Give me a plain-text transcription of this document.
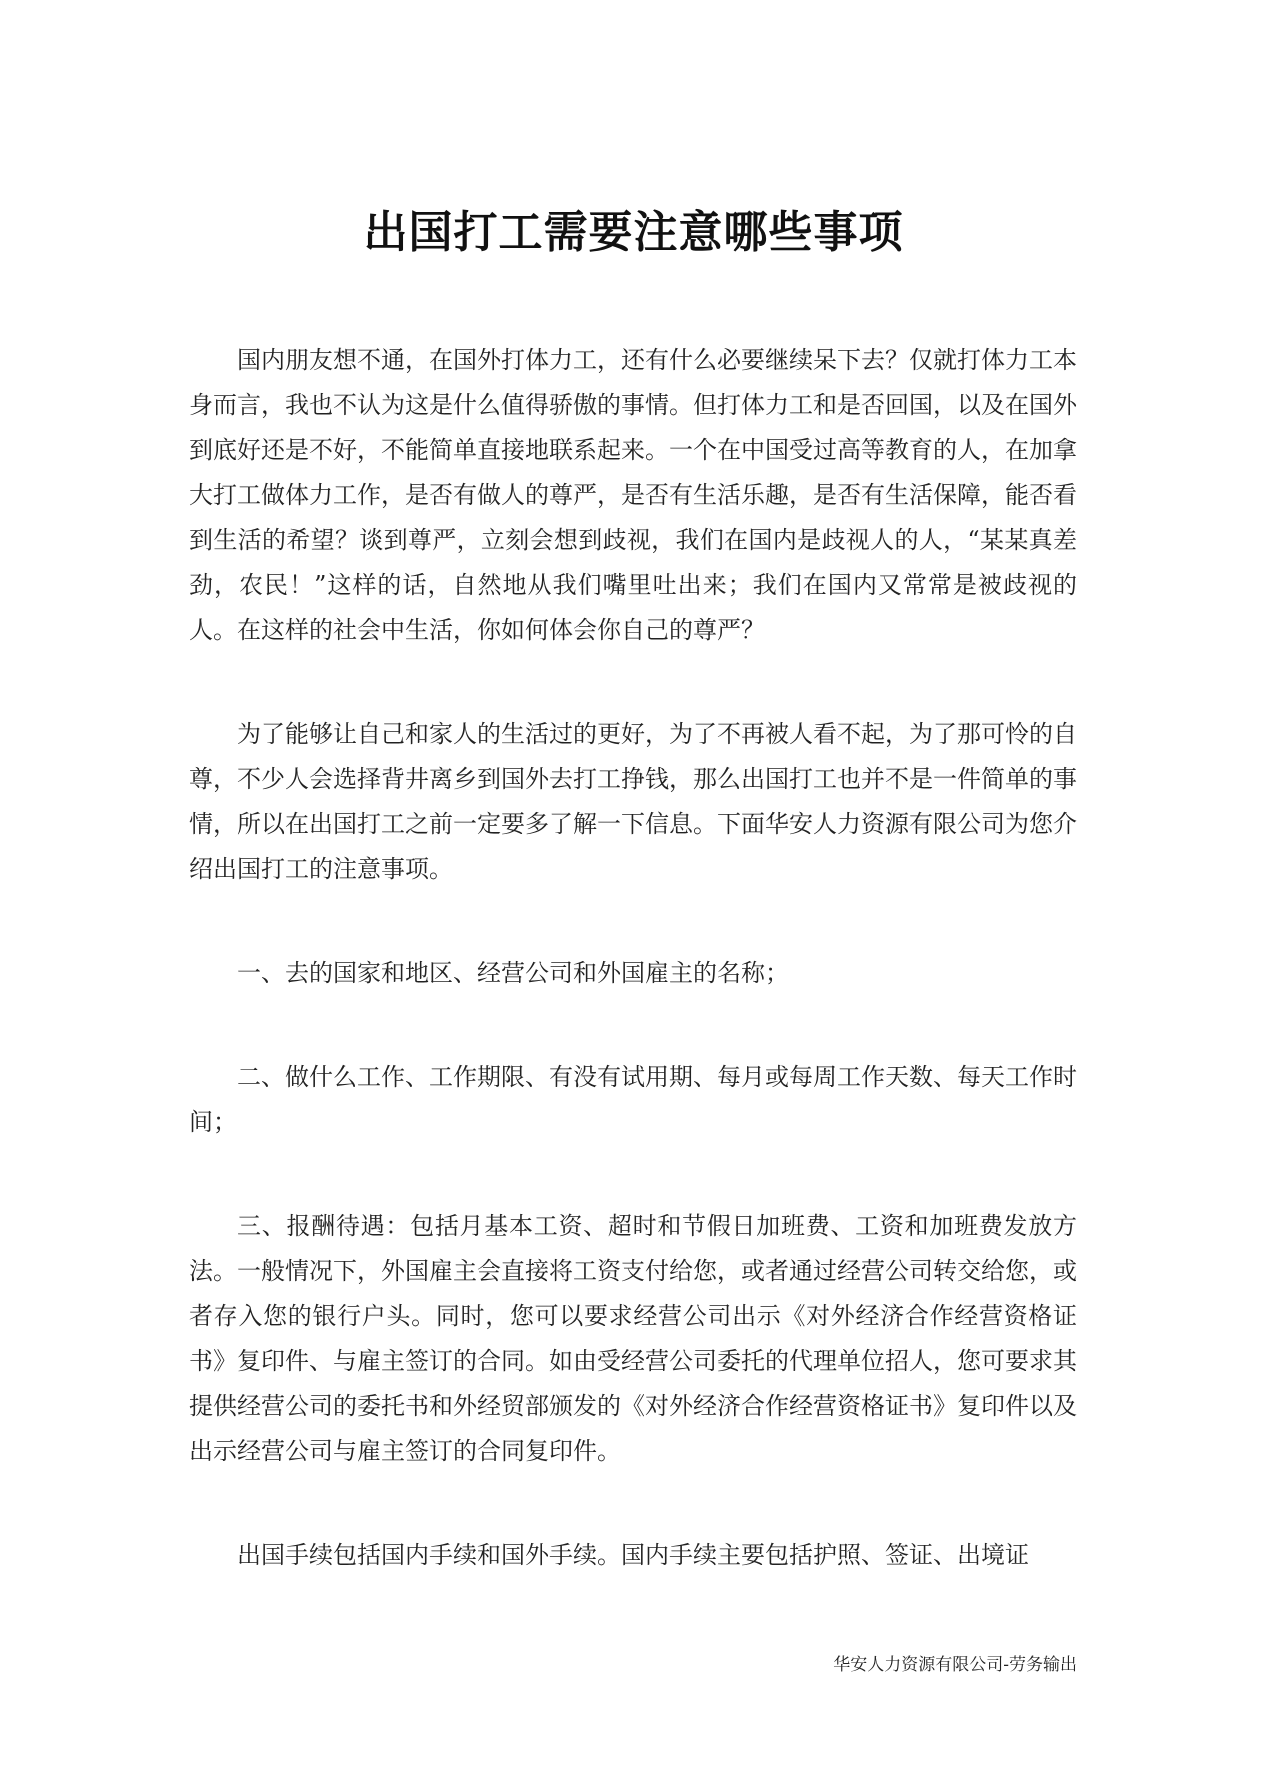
出国打工需要注意哪些事项

国内朋友想不通，在国外打体力工，还有什么必要继续呆下去？仅就打体力工本身而言，我也不认为这是什么值得骄傲的事情。但打体力工和是否回国，以及在国外到底好还是不好，不能简单直接地联系起来。一个在中国受过高等教育的人，在加拿大打工做体力工作，是否有做人的尊严，是否有生活乐趣，是否有生活保障，能否看到生活的希望？谈到尊严，立刻会想到歧视，我们在国内是歧视人的人，“某某真差劲，农民！”这样的话，自然地从我们嘴里吐出来；我们在国内又常常是被歧视的人。在这样的社会中生活，你如何体会你自己的尊严？

为了能够让自己和家人的生活过的更好，为了不再被人看不起，为了那可怜的自尊，不少人会选择背井离乡到国外去打工挣钱，那么出国打工也并不是一件简单的事情，所以在出国打工之前一定要多了解一下信息。下面华安人力资源有限公司为您介绍出国打工的注意事项。

一、去的国家和地区、经营公司和外国雇主的名称；

二、做什么工作、工作期限、有没有试用期、每月或每周工作天数、每天工作时间；

三、报酬待遇：包括月基本工资、超时和节假日加班费、工资和加班费发放方法。一般情况下，外国雇主会直接将工资支付给您，或者通过经营公司转交给您，或者存入您的银行户头。同时，您可以要求经营公司出示《对外经济合作经营资格证书》复印件、与雇主签订的合同。如由受经营公司委托的代理单位招人，您可要求其提供经营公司的委托书和外经贸部颁发的《对外经济合作经营资格证书》复印件以及出示经营公司与雇主签订的合同复印件。

出国手续包括国内手续和国外手续。国内手续主要包括护照、签证、出境证

华安人力资源有限公司-劳务输出
